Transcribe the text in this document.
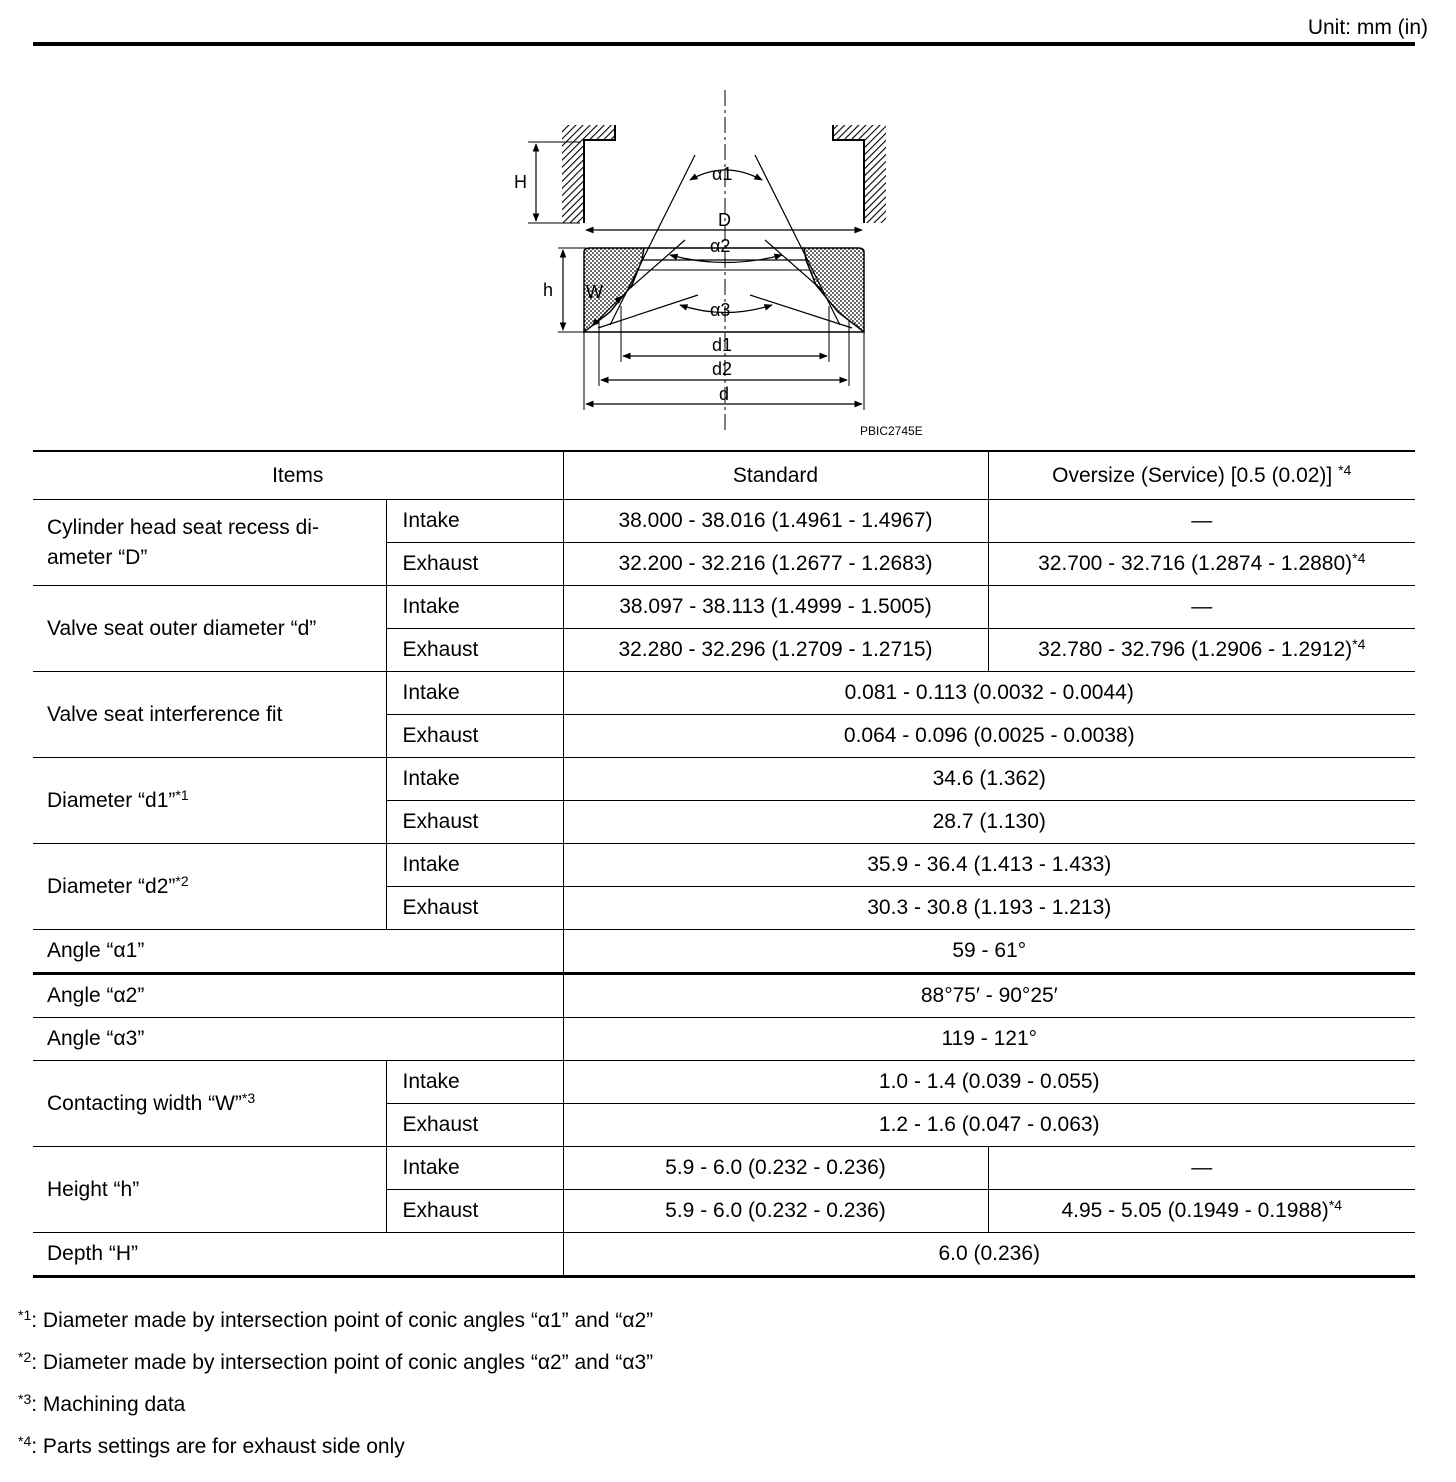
Unit: mm (in)
H
D
α1
α2
α3
h W
d1
d2
d
PBIC2745E
Items		Standard	Oversize (Service) [0.5 (0.02)] $^{*4}$
Cylinder head seat recess di-ameter “D”	Intake	38.000 - 38.016 (1.4961 - 1.4967)	—
	Exhaust	32.200 - 32.216 (1.2677 - 1.2683)	32.700 - 32.716 (1.2874 - 1.2880)$^{*4}$
Valve seat outer diameter “d”	Intake	38.097 - 38.113 (1.4999 - 1.5005)	—
	Exhaust	32.280 - 32.296 (1.2709 - 1.2715)	32.780 - 32.796 (1.2906 - 1.2912)$^{*4}$
Valve seat interference fit	Intake	0.081 - 0.113 (0.0032 - 0.0044)	
	Exhaust	0.064 - 0.096 (0.0025 - 0.0038)	
Diameter “d1”$^{*1}$	Intake	34.6 (1.362)	
	Exhaust	28.7 (1.130)	
Diameter “d2”$^{*2}$	Intake	35.9 - 36.4 (1.413 - 1.433)	
	Exhaust	30.3 - 30.8 (1.193 - 1.213)	
Angle “α1”		59 - 61°	
Angle “α2”		88°75′ - 90°25′	
Angle “α3”		119 - 121°	
Contacting width “W”$^{*3}$	Intake	1.0 - 1.4 (0.039 - 0.055)	
	Exhaust	1.2 - 1.6 (0.047 - 0.063)	
Height “h”	Intake	5.9 - 6.0 (0.232 - 0.236)	—
	Exhaust	5.9 - 6.0 (0.232 - 0.236)	4.95 - 5.05 (0.1949 - 0.1988)$^{*4}$
Depth “H”		6.0 (0.236)	
$^{*1}$: Diameter made by intersection point of conic angles “α1” and “α2”
$^{*2}$: Diameter made by intersection point of conic angles “α2” and “α3”
$^{*3}$: Machining data
$^{*4}$: Parts settings are for exhaust side only
